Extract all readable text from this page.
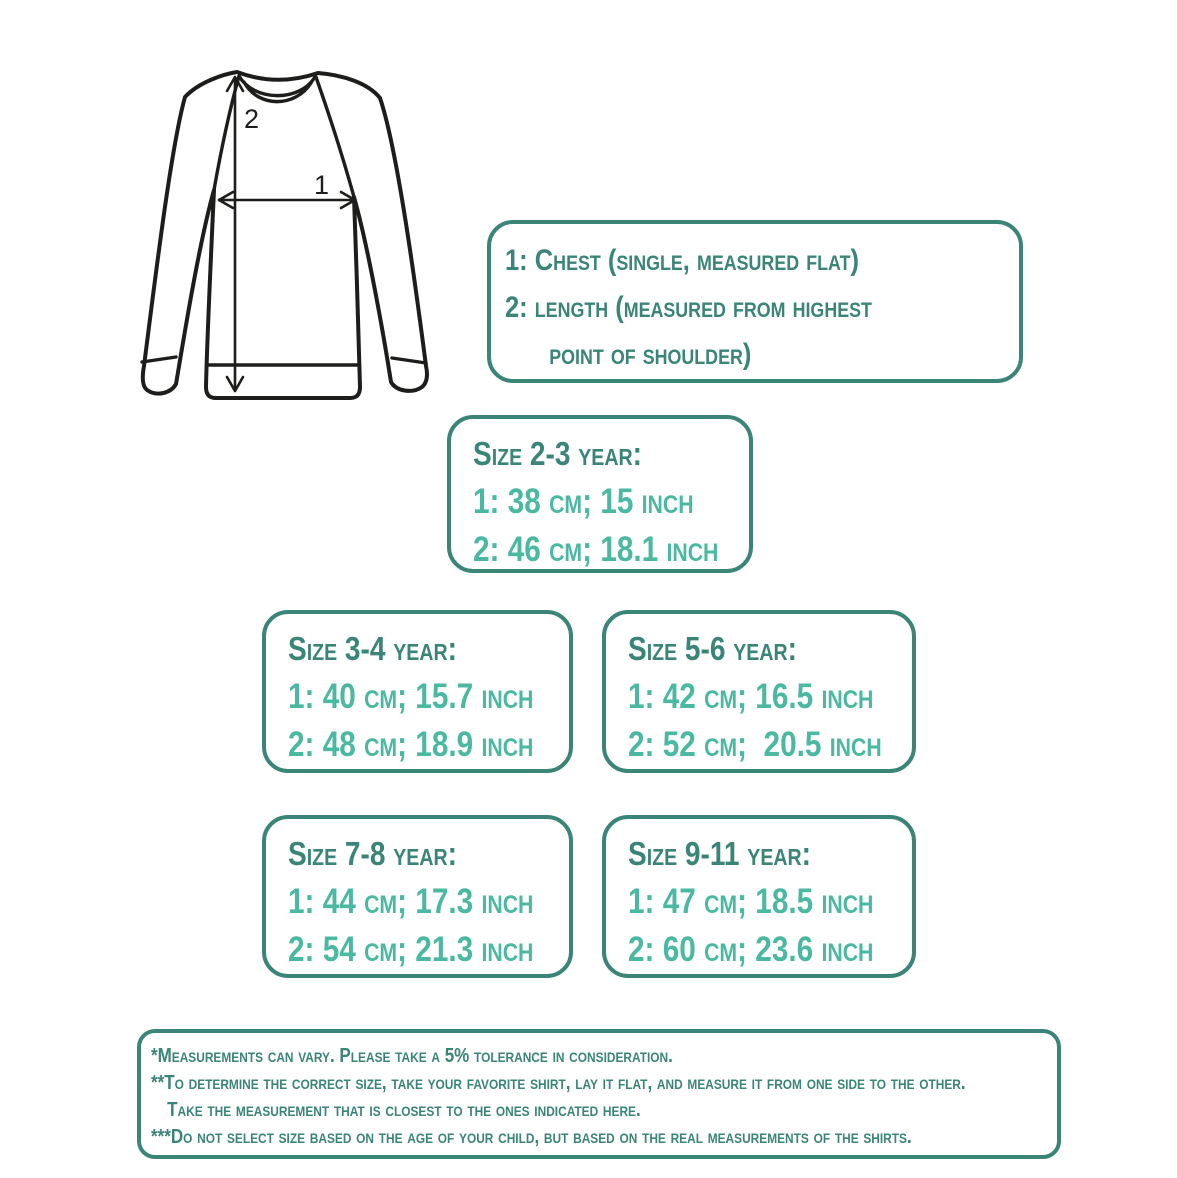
2
1
1: Chest (single, measured flat)
2: length (measured from highest
point of shoulder)
Size 2-3 year:
1: 38 cm; 15 inch
2: 46 cm; 18.1 inch
Size 3-4 year:
1: 40 cm; 15.7 inch
2: 48 cm; 18.9 inch
Size 5-6 year:
1: 42 cm; 16.5 inch
2: 52 cm;  20.5 inch
Size 7-8 year:
1: 44 cm; 17.3 inch
2: 54 cm; 21.3 inch
Size 9-11 year:
1: 47 cm; 18.5 inch
2: 60 cm; 23.6 inch
*Measurements can vary. Please take a 5% tolerance in consideration.
**To determine the correct size, take your favorite shirt, lay it flat, and measure it from one side to the other.
Take the measurement that is closest to the ones indicated here.
***Do not select size based on the age of your child, but based on the real measurements of the shirts.
